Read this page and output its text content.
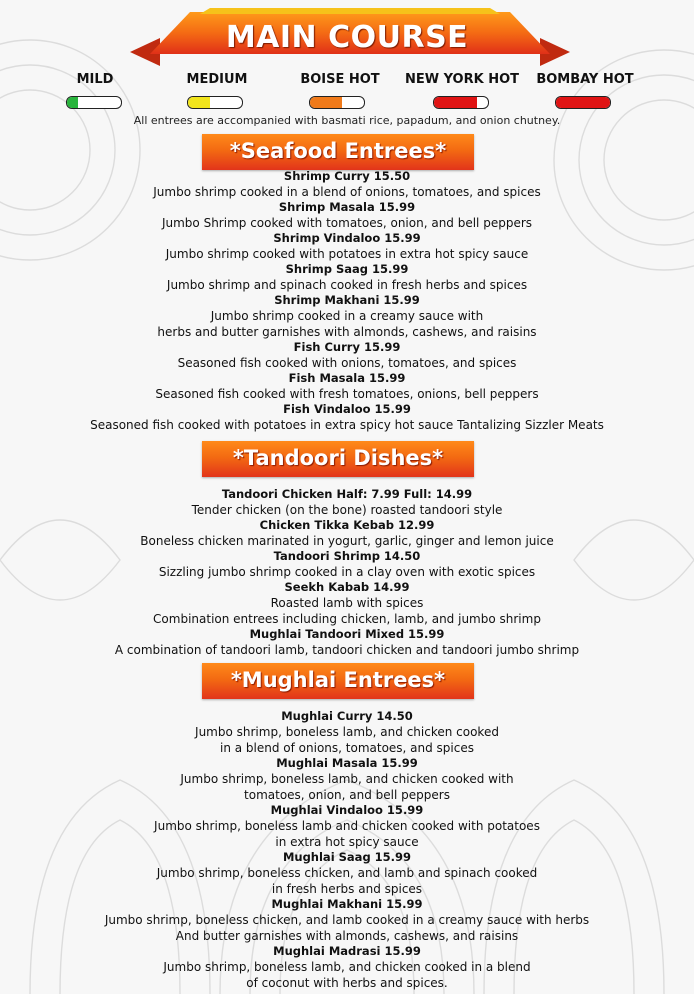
MAIN COURSE
MILD	MEDIUM	BOISE HOT	NEW YORK HOT	BOMBAY HOT
All entrees are accompanied with basmati rice, papadum, and onion chutney.
*Seafood Entrees*
*Tandoori Dishes*
*Mughlai Entrees*
Shrimp Curry 15.50
Jumbo shrimp cooked in a blend of onions, tomatoes, and spices
Shrimp Masala 15.99
Jumbo Shrimp cooked with tomatoes, onion, and bell peppers
Shrimp Vindaloo 15.99
Jumbo shrimp cooked with potatoes in extra hot spicy sauce
Shrimp Saag 15.99
Jumbo shrimp and spinach cooked in fresh herbs and spices
Shrimp Makhani 15.99
Jumbo shrimp cooked in a creamy sauce with
herbs and butter garnishes with almonds, cashews, and raisins
Fish Curry 15.99
Seasoned fish cooked with onions, tomatoes, and spices
Fish Masala 15.99
Seasoned fish cooked with fresh tomatoes, onions, bell peppers
Fish Vindaloo 15.99
Seasoned fish cooked with potatoes in extra spicy hot sauce Tantalizing Sizzler Meats
Tandoori Chicken Half: 7.99 Full: 14.99
Tender chicken (on the bone) roasted tandoori style
Chicken Tikka Kebab 12.99
Boneless chicken marinated in yogurt, garlic, ginger and lemon juice
Tandoori Shrimp 14.50
Sizzling jumbo shrimp cooked in a clay oven with exotic spices
Seekh Kabab 14.99
Roasted lamb with spices
Combination entrees including chicken, lamb, and jumbo shrimp
Mughlai Tandoori Mixed 15.99
A combination of tandoori lamb, tandoori chicken and tandoori jumbo shrimp
Mughlai Curry 14.50
Jumbo shrimp, boneless lamb, and chicken cooked
in a blend of onions, tomatoes, and spices
Mughlai Masala 15.99
Jumbo shrimp, boneless lamb, and chicken cooked with
tomatoes, onion, and bell peppers
Mughlai Vindaloo 15.99
Jumbo shrimp, boneless lamb and chicken cooked with potatoes
in extra hot spicy sauce
Mughlai Saag 15.99
Jumbo shrimp, boneless chicken, and lamb and spinach cooked
in fresh herbs and spices
Mughlai Makhani 15.99
Jumbo shrimp, boneless chicken, and lamb cooked in a creamy sauce with herbs
And butter garnishes with almonds, cashews, and raisins
Mughlai Madrasi 15.99
Jumbo shrimp, boneless lamb, and chicken cooked in a blend
of coconut with herbs and spices.
